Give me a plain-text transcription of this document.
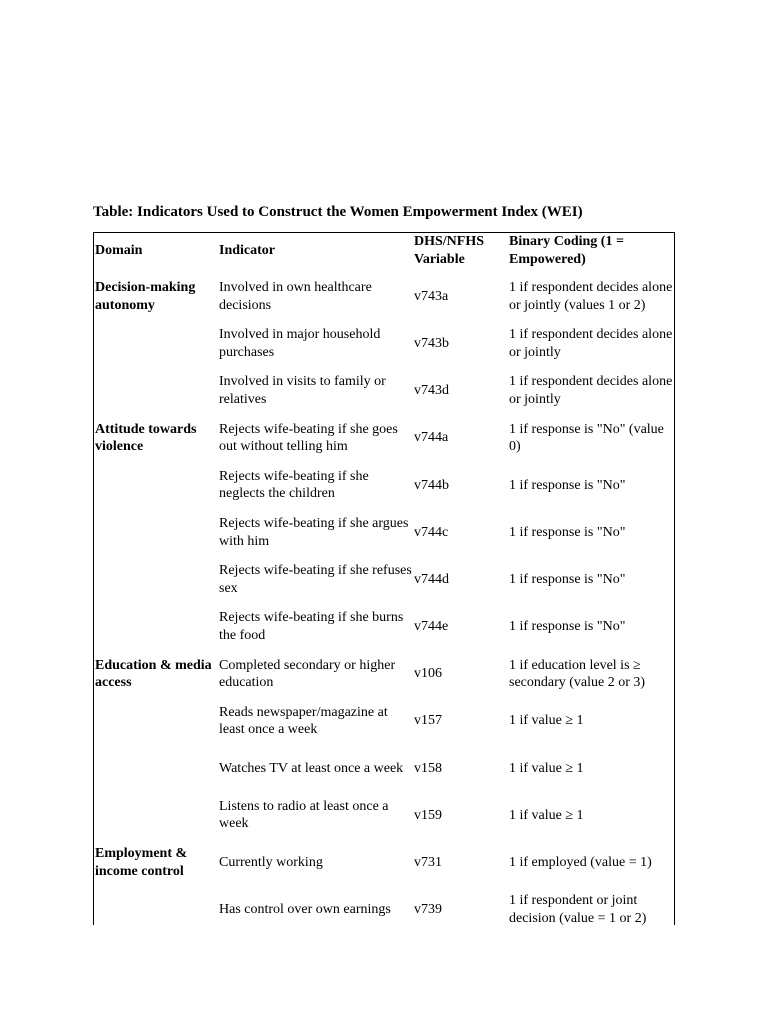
Table: Indicators Used to Construct the Women Empowerment Index (WEI)
Domain	Indicator	DHS/NFHS Variable	Binary Coding (1 = Empowered)
Decision-making autonomy	Involved in own healthcare decisions	v743a	1 if respondent decides alone or jointly (values 1 or 2)
	Involved in major household purchases	v743b	1 if respondent decides alone or jointly
	Involved in visits to family or relatives	v743d	1 if respondent decides alone or jointly
Attitude towards violence	Rejects wife-beating if she goes out without telling him	v744a	1 if response is "No" (value 0)
	Rejects wife-beating if she neglects the children	v744b	1 if response is "No"
	Rejects wife-beating if she argues with him	v744c	1 if response is "No"
	Rejects wife-beating if she refuses sex	v744d	1 if response is "No"
	Rejects wife-beating if she burns the food	v744e	1 if response is "No"
Education & media access	Completed secondary or higher education	v106	1 if education level is ≥ secondary (value 2 or 3)
	Reads newspaper/magazine at least once a week	v157	1 if value ≥ 1
	Watches TV at least once a week	v158	1 if value ≥ 1
	Listens to radio at least once a week	v159	1 if value ≥ 1
Employment & income control	Currently working	v731	1 if employed (value = 1)
	Has control over own earnings	v739	1 if respondent or joint decision (value = 1 or 2)
